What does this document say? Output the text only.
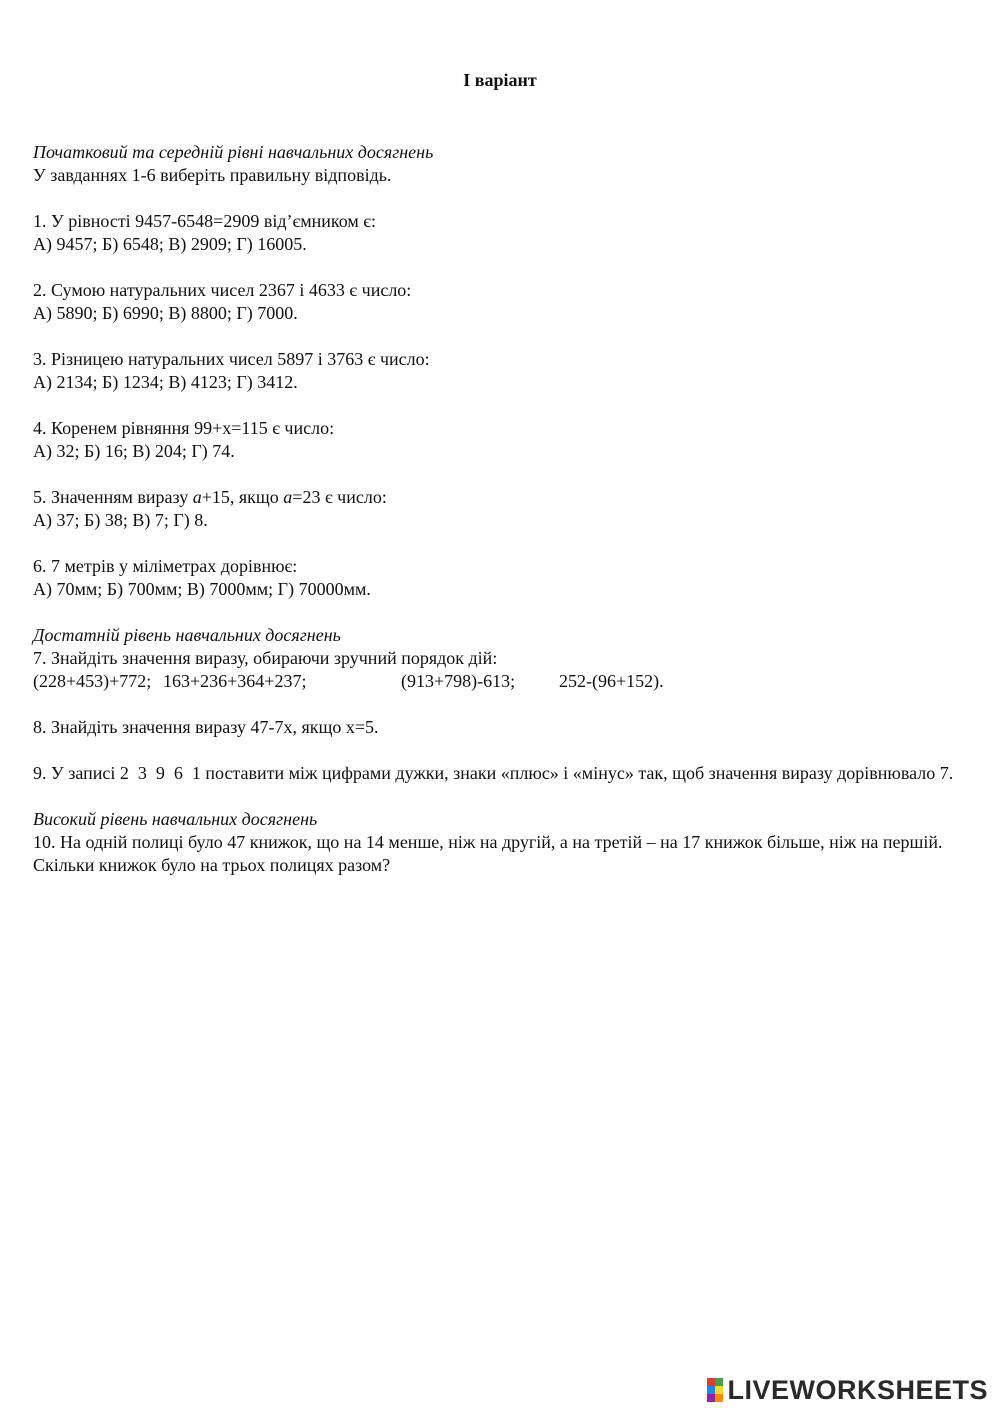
I варіант
Початковий та середній рівні навчальних досягнень
У завданнях 1-6 виберіть правильну відповідь.
1. У рівності 9457-6548=2909 від’ємником є:
А) 9457; Б) 6548; В) 2909; Г) 16005.
2. Сумою натуральних чисел 2367 і 4633 є число:
А) 5890; Б) 6990; В) 8800; Г) 7000.
3. Різницею натуральних чисел 5897 і 3763 є число:
А) 2134; Б) 1234; В) 4123; Г) 3412.
4. Коренем рівняння 99+x=115 є число:
А) 32; Б) 16; В) 204; Г) 74.
5. Значенням виразу a+15, якщо a=23 є число:
А) 37; Б) 38; В) 7; Г) 8.
6. 7 метрів у міліметрах дорівнює:
А) 70мм; Б) 700мм; В) 7000мм; Г) 70000мм.
Достатній рівень навчальних досягнень
7. Знайдіть значення виразу, обираючи зручний порядок дій:
(228+453)+772; 163+236+364+237;	(913+798)-613; 252-(96+152).
8. Знайдіть значення виразу 47-7x, якщо x=5.
9. У записі 2  3  9  6  1 поставити між цифрами дужки, знаки «плюс» і «мінус» так, щоб значення виразу дорівнювало 7.
Високий рівень навчальних досягнень
10. На одній полиці було 47 книжок, що на 14 менше, ніж на другій, а на третій – на 17 книжок більше, ніж на першій. Скільки книжок було на трьох полицях разом?
LIVEWORKSHEETS
